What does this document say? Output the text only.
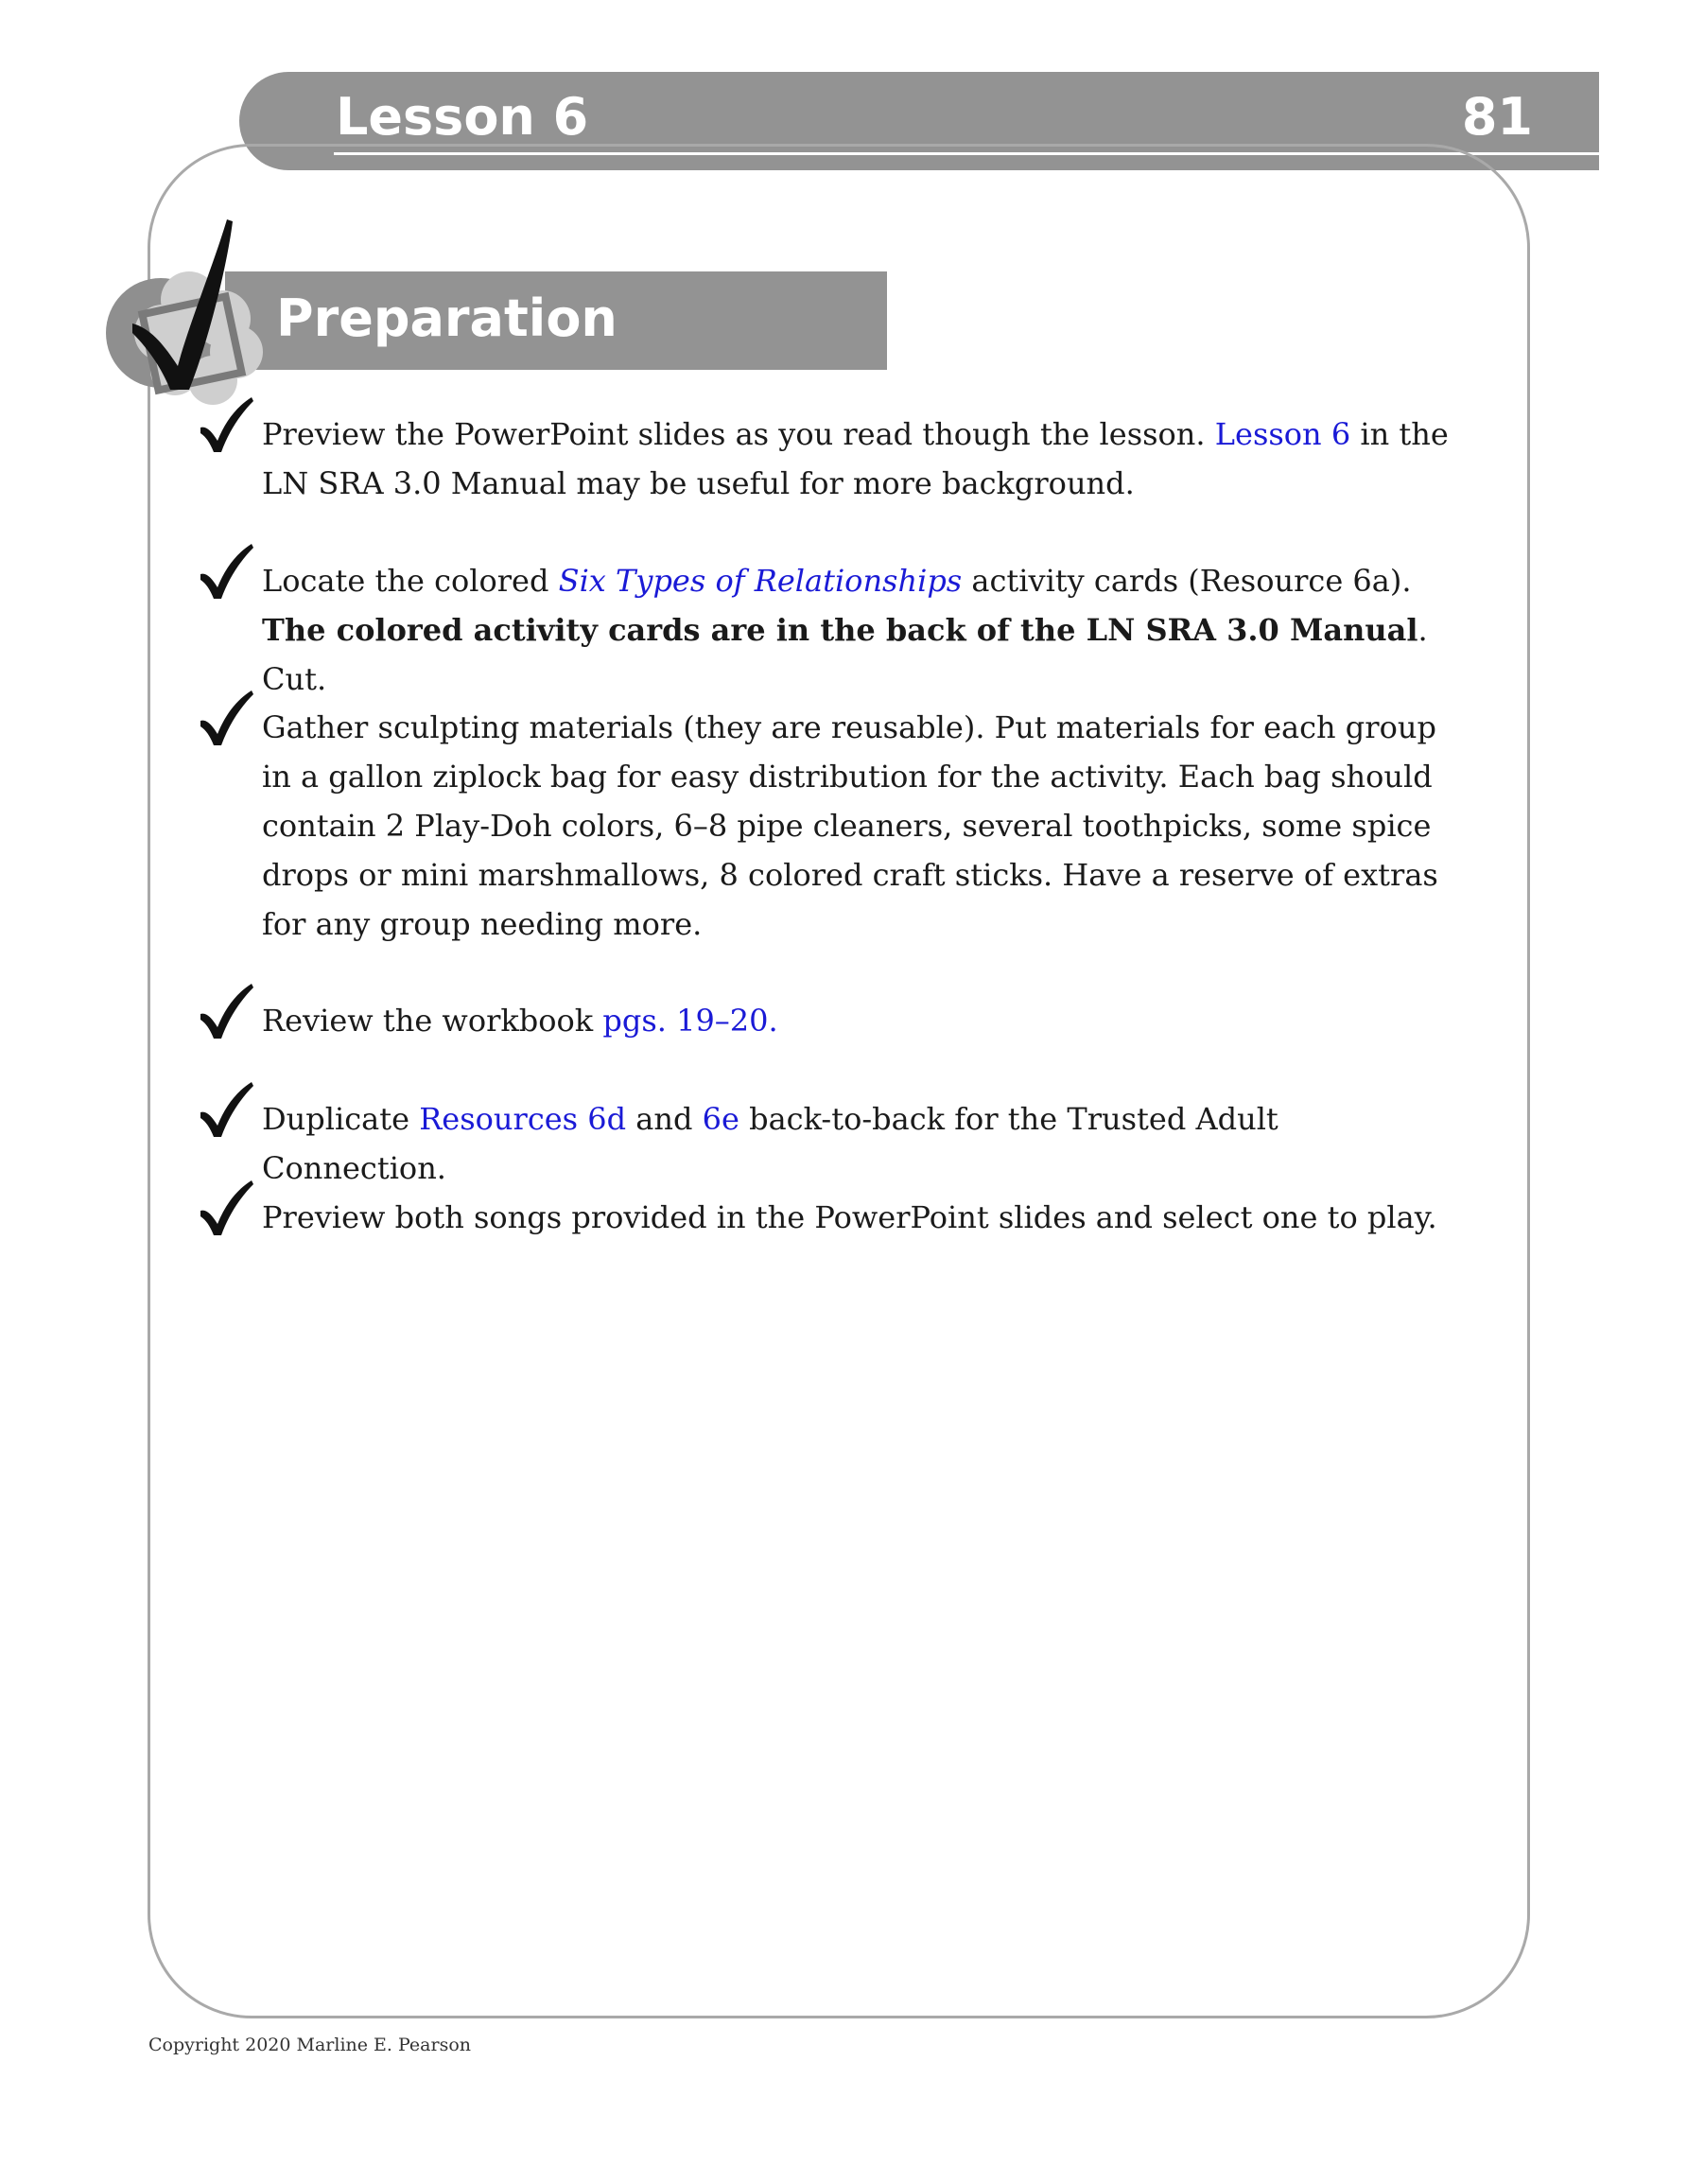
Lesson 6	81
Preparation
Preview the PowerPoint slides as you read though the lesson. Lesson 6 in the LN SRA 3.0 Manual may be useful for more background.
Locate the colored Six Types of Relationships activity cards (Resource 6a). The colored activity cards are in the back of the LN SRA 3.0 Manual. Cut.
Gather sculpting materials (they are reusable). Put materials for each group in a gallon ziplock bag for easy distribution for the activity. Each bag should contain 2 Play-Doh colors, 6–8 pipe cleaners, several toothpicks, some spice drops or mini marshmallows, 8 colored craft sticks. Have a reserve of extras for any group needing more.
Review the workbook pgs. 19–20.
Duplicate Resources 6d and 6e back-to-back for the Trusted Adult Connection.
Preview both songs provided in the PowerPoint slides and select one to play.
Copyright 2020 Marline E. Pearson
